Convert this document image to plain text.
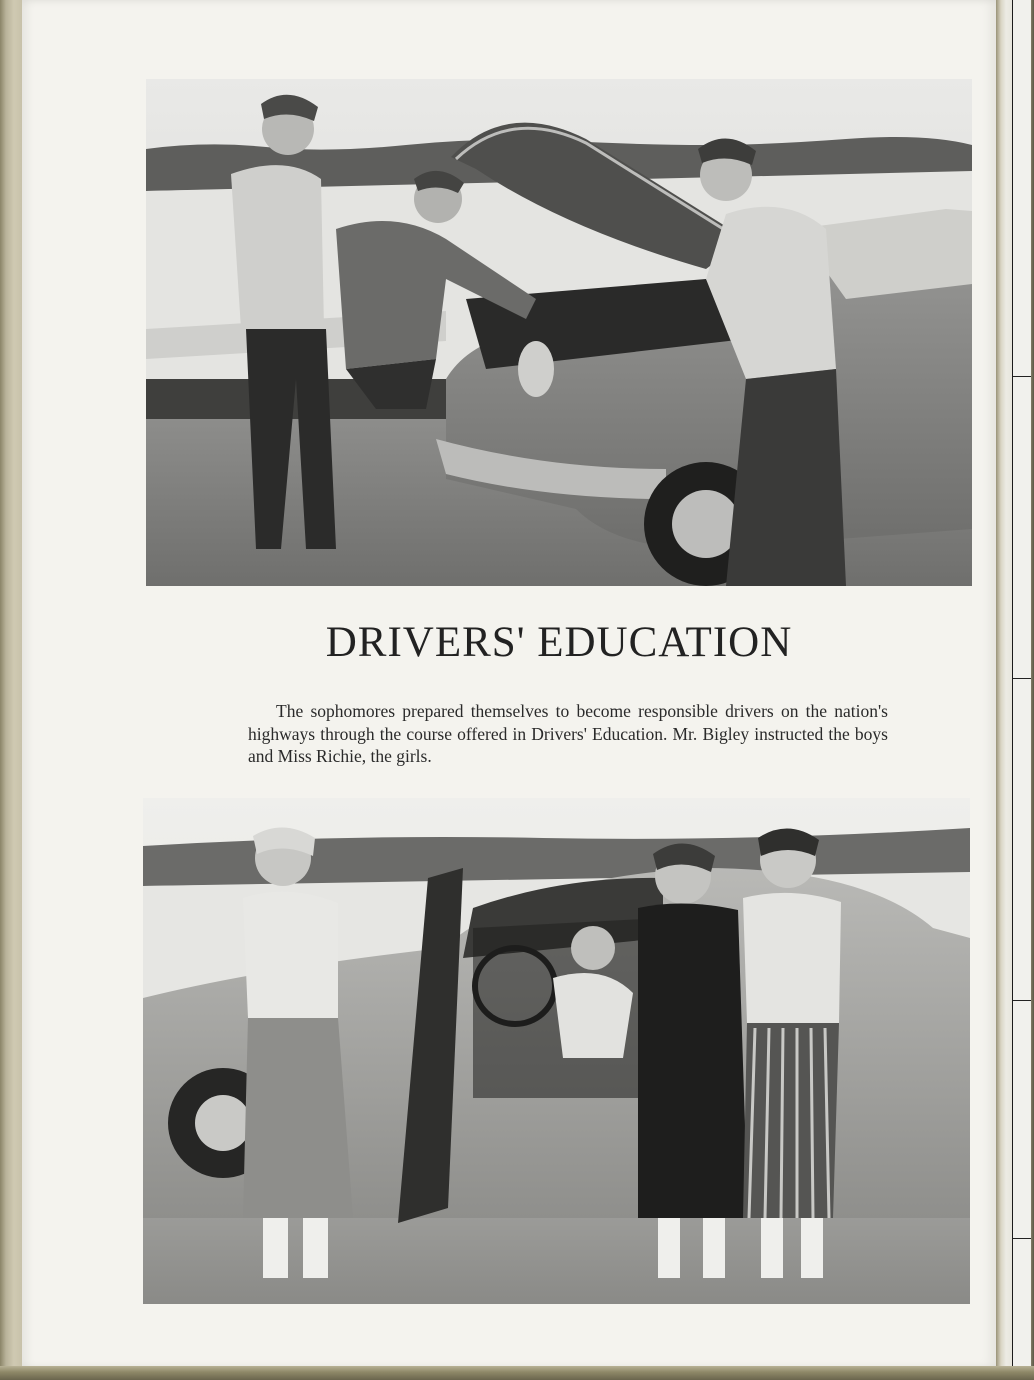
DRIVERS' EDUCATION

The sophomores prepared themselves to become responsible drivers on the nation's highways through the course offered in Drivers' Education. Mr. Bigley instructed the boys and Miss Richie, the girls.
